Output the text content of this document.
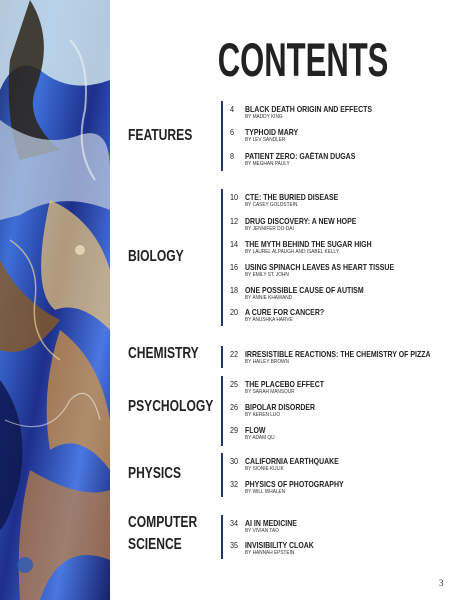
CONTENTS
FEATURES
BIOLOGY
CHEMISTRY
PSYCHOLOGY
PHYSICS
COMPUTER
SCIENCE
4 BLACK DEATH ORIGIN AND EFFECTS
BY MADDY KING
6 TYPHOID MARY
BY LEV SANDLER
8 PATIENT ZERO: GAËTAN DUGAS
BY MEGHAN PAULY
10 CTE: THE BURIED DISEASE
BY CASEY GOLDSTEIN
12 DRUG DISCOVERY: A NEW HOPE
BY JENNIFER DO-DAI
14 THE MYTH BEHIND THE SUGAR HIGH
BY LAUREL ALPAUGH AND ISABEL KELLY
16 USING SPINACH LEAVES AS HEART TISSUE
BY EMILY ST. JOHN
18 ONE POSSIBLE CAUSE OF AUTISM
BY ANNIE KHAWAND
20 A CURE FOR CANCER?
BY ANUSHKA HARVE
22 IRRESISTIBLE REACTIONS: THE CHEMISTRY OF PIZZA
BY HAILEY BROWN
25 THE PLACEBO EFFECT
BY SARAH MANSOUR
26 BIPOLAR DISORDER
BY KEREN LUO
29 FLOW
BY ADAM QU
30 CALIFORNIA EARTHQUAKE
BY SIONIE KULIK
32 PHYSICS OF PHOTOGRAPHY
BY WILL WHALEN
34 AI IN MEDICINE
BY VIVIAN TAO
35 INVISIBILITY CLOAK
BY HANNAH EPSTEIN
3
